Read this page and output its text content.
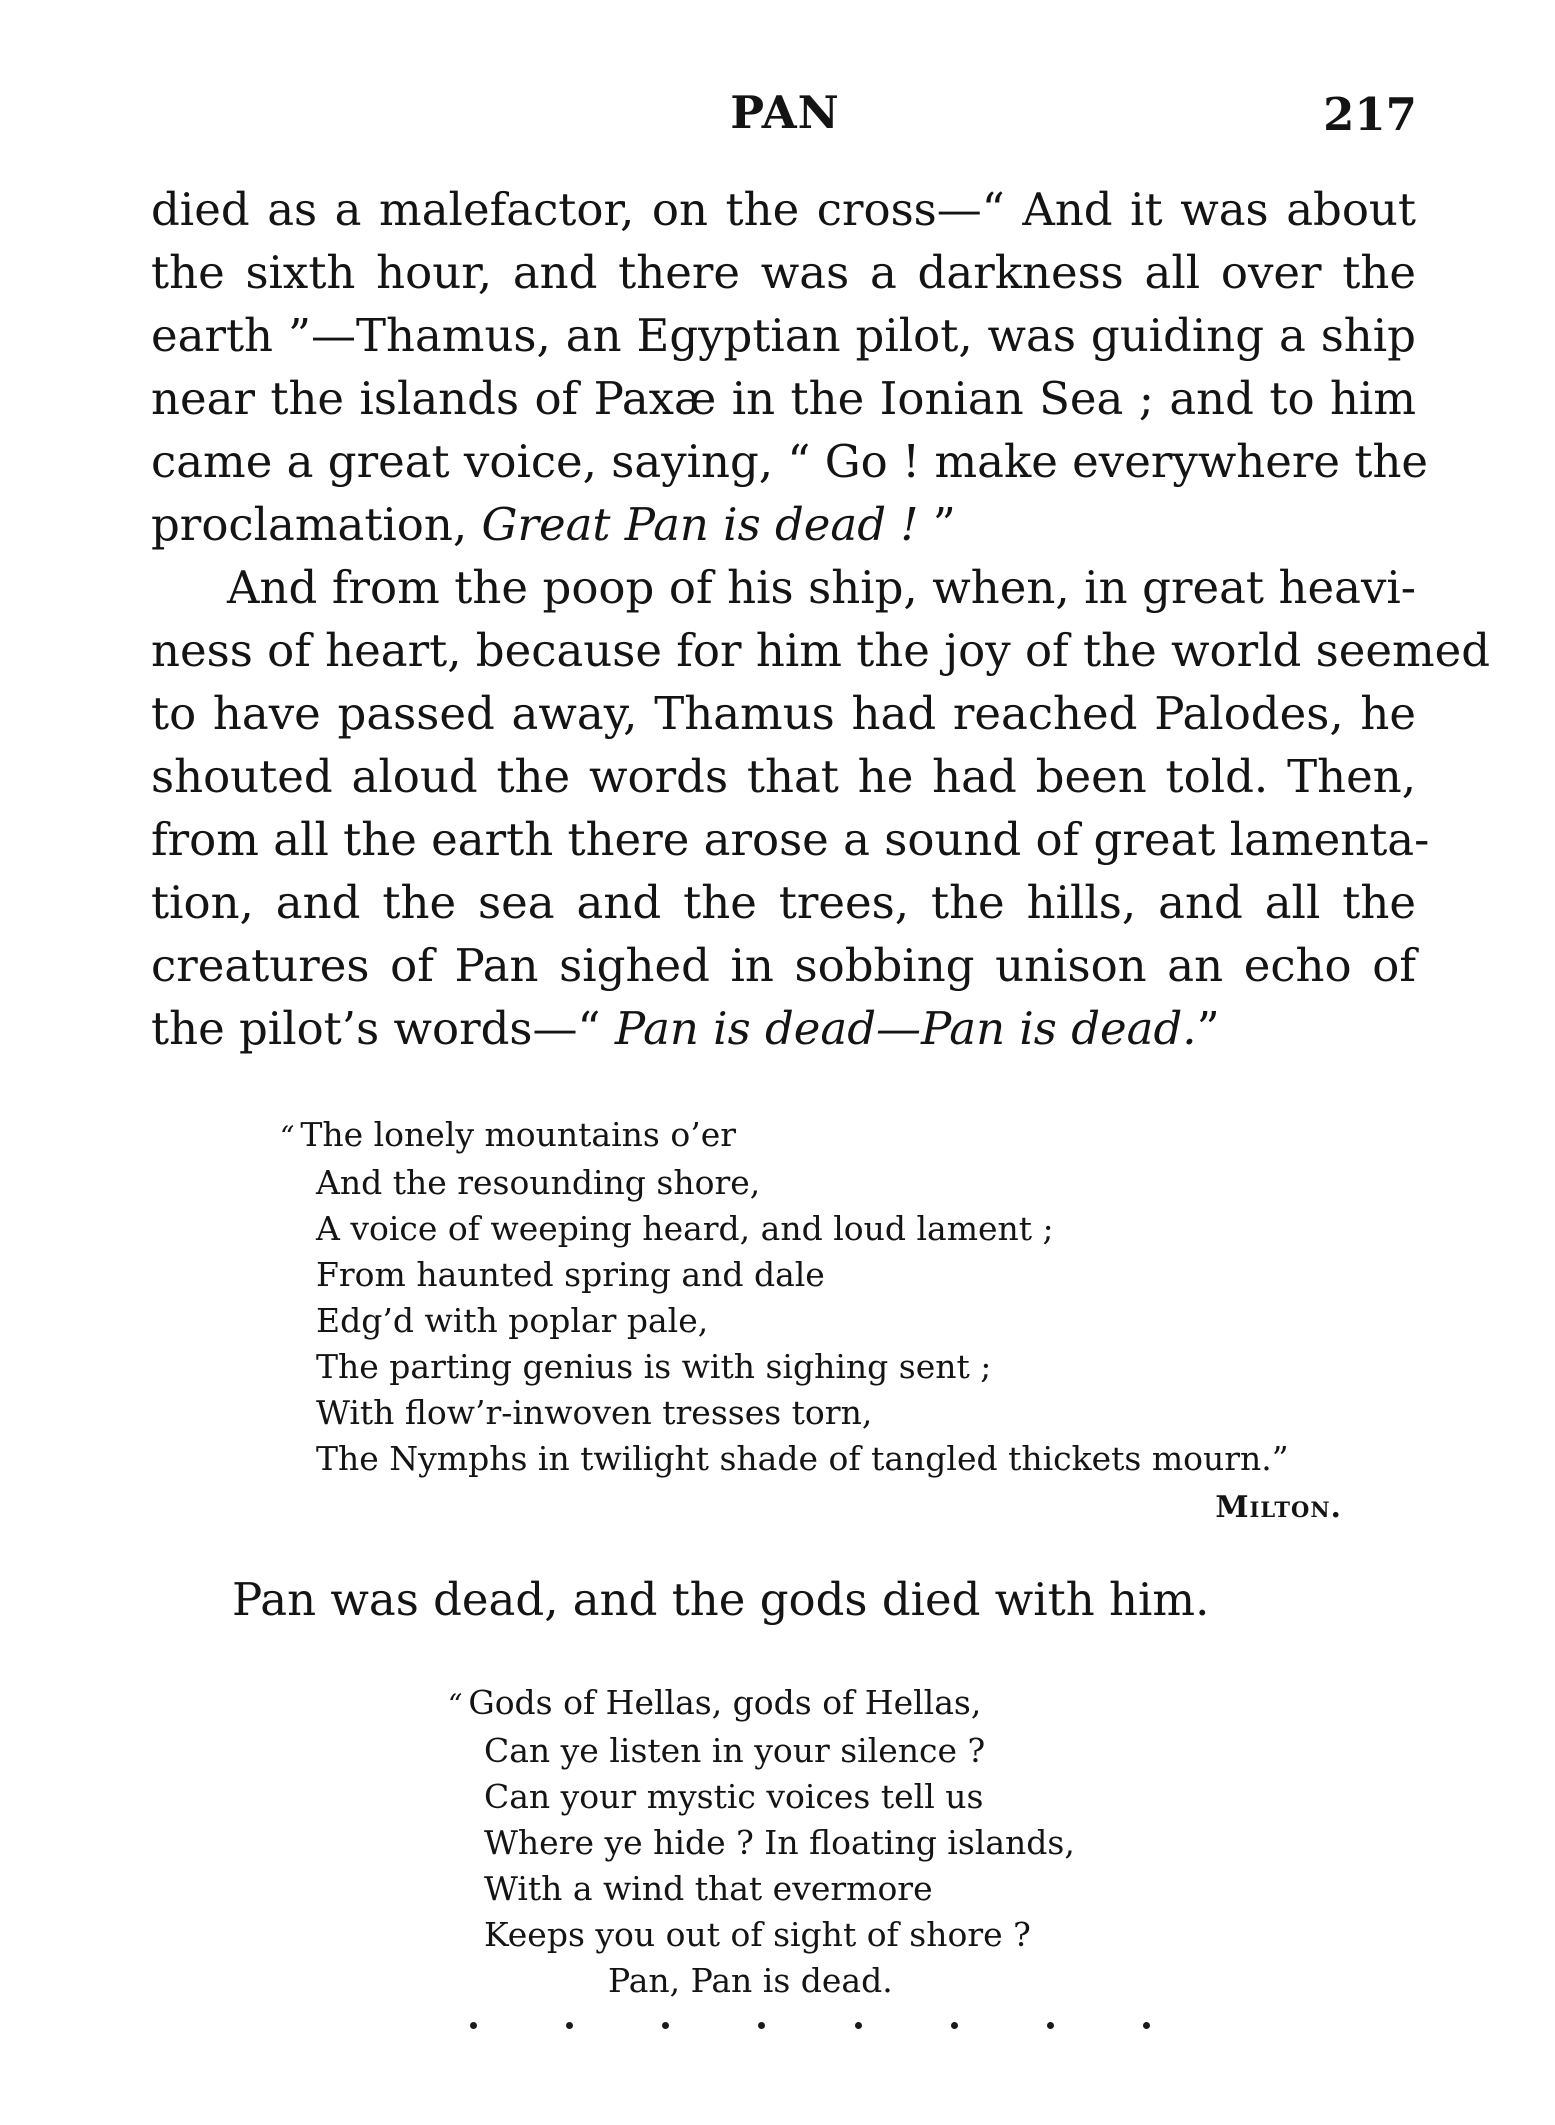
PAN	217
died as a malefactor, on the cross—“ And it was about
the sixth hour, and there was a darkness all over the
earth ”—Thamus, an Egyptian pilot, was guiding a ship
near the islands of Paxæ in the Ionian Sea ; and to him
came a great voice, saying, “ Go ! make everywhere the
proclamation, Great Pan is dead ! ”
And from the poop of his ship, when, in great heavi-
ness of heart, because for him the joy of the world seemed
to have passed away, Thamus had reached Palodes, he
shouted aloud the words that he had been told. Then,
from all the earth there arose a sound of great lamenta-
tion, and the sea and the trees, the hills, and all the
creatures of Pan sighed in sobbing unison an echo of
the pilot’s words—“ Pan is dead—Pan is dead.”
“ The lonely mountains o’er
And the resounding shore,
A voice of weeping heard, and loud lament ;
From haunted spring and dale
Edg’d with poplar pale,
The parting genius is with sighing sent ;
With flow’r-inwoven tresses torn,
The Nymphs in twilight shade of tangled thickets mourn.”
Milton.
Pan was dead, and the gods died with him.
“ Gods of Hellas, gods of Hellas,
Can ye listen in your silence ?
Can your mystic voices tell us
Where ye hide ? In floating islands,
With a wind that evermore
Keeps you out of sight of shore ?
Pan, Pan is dead.
